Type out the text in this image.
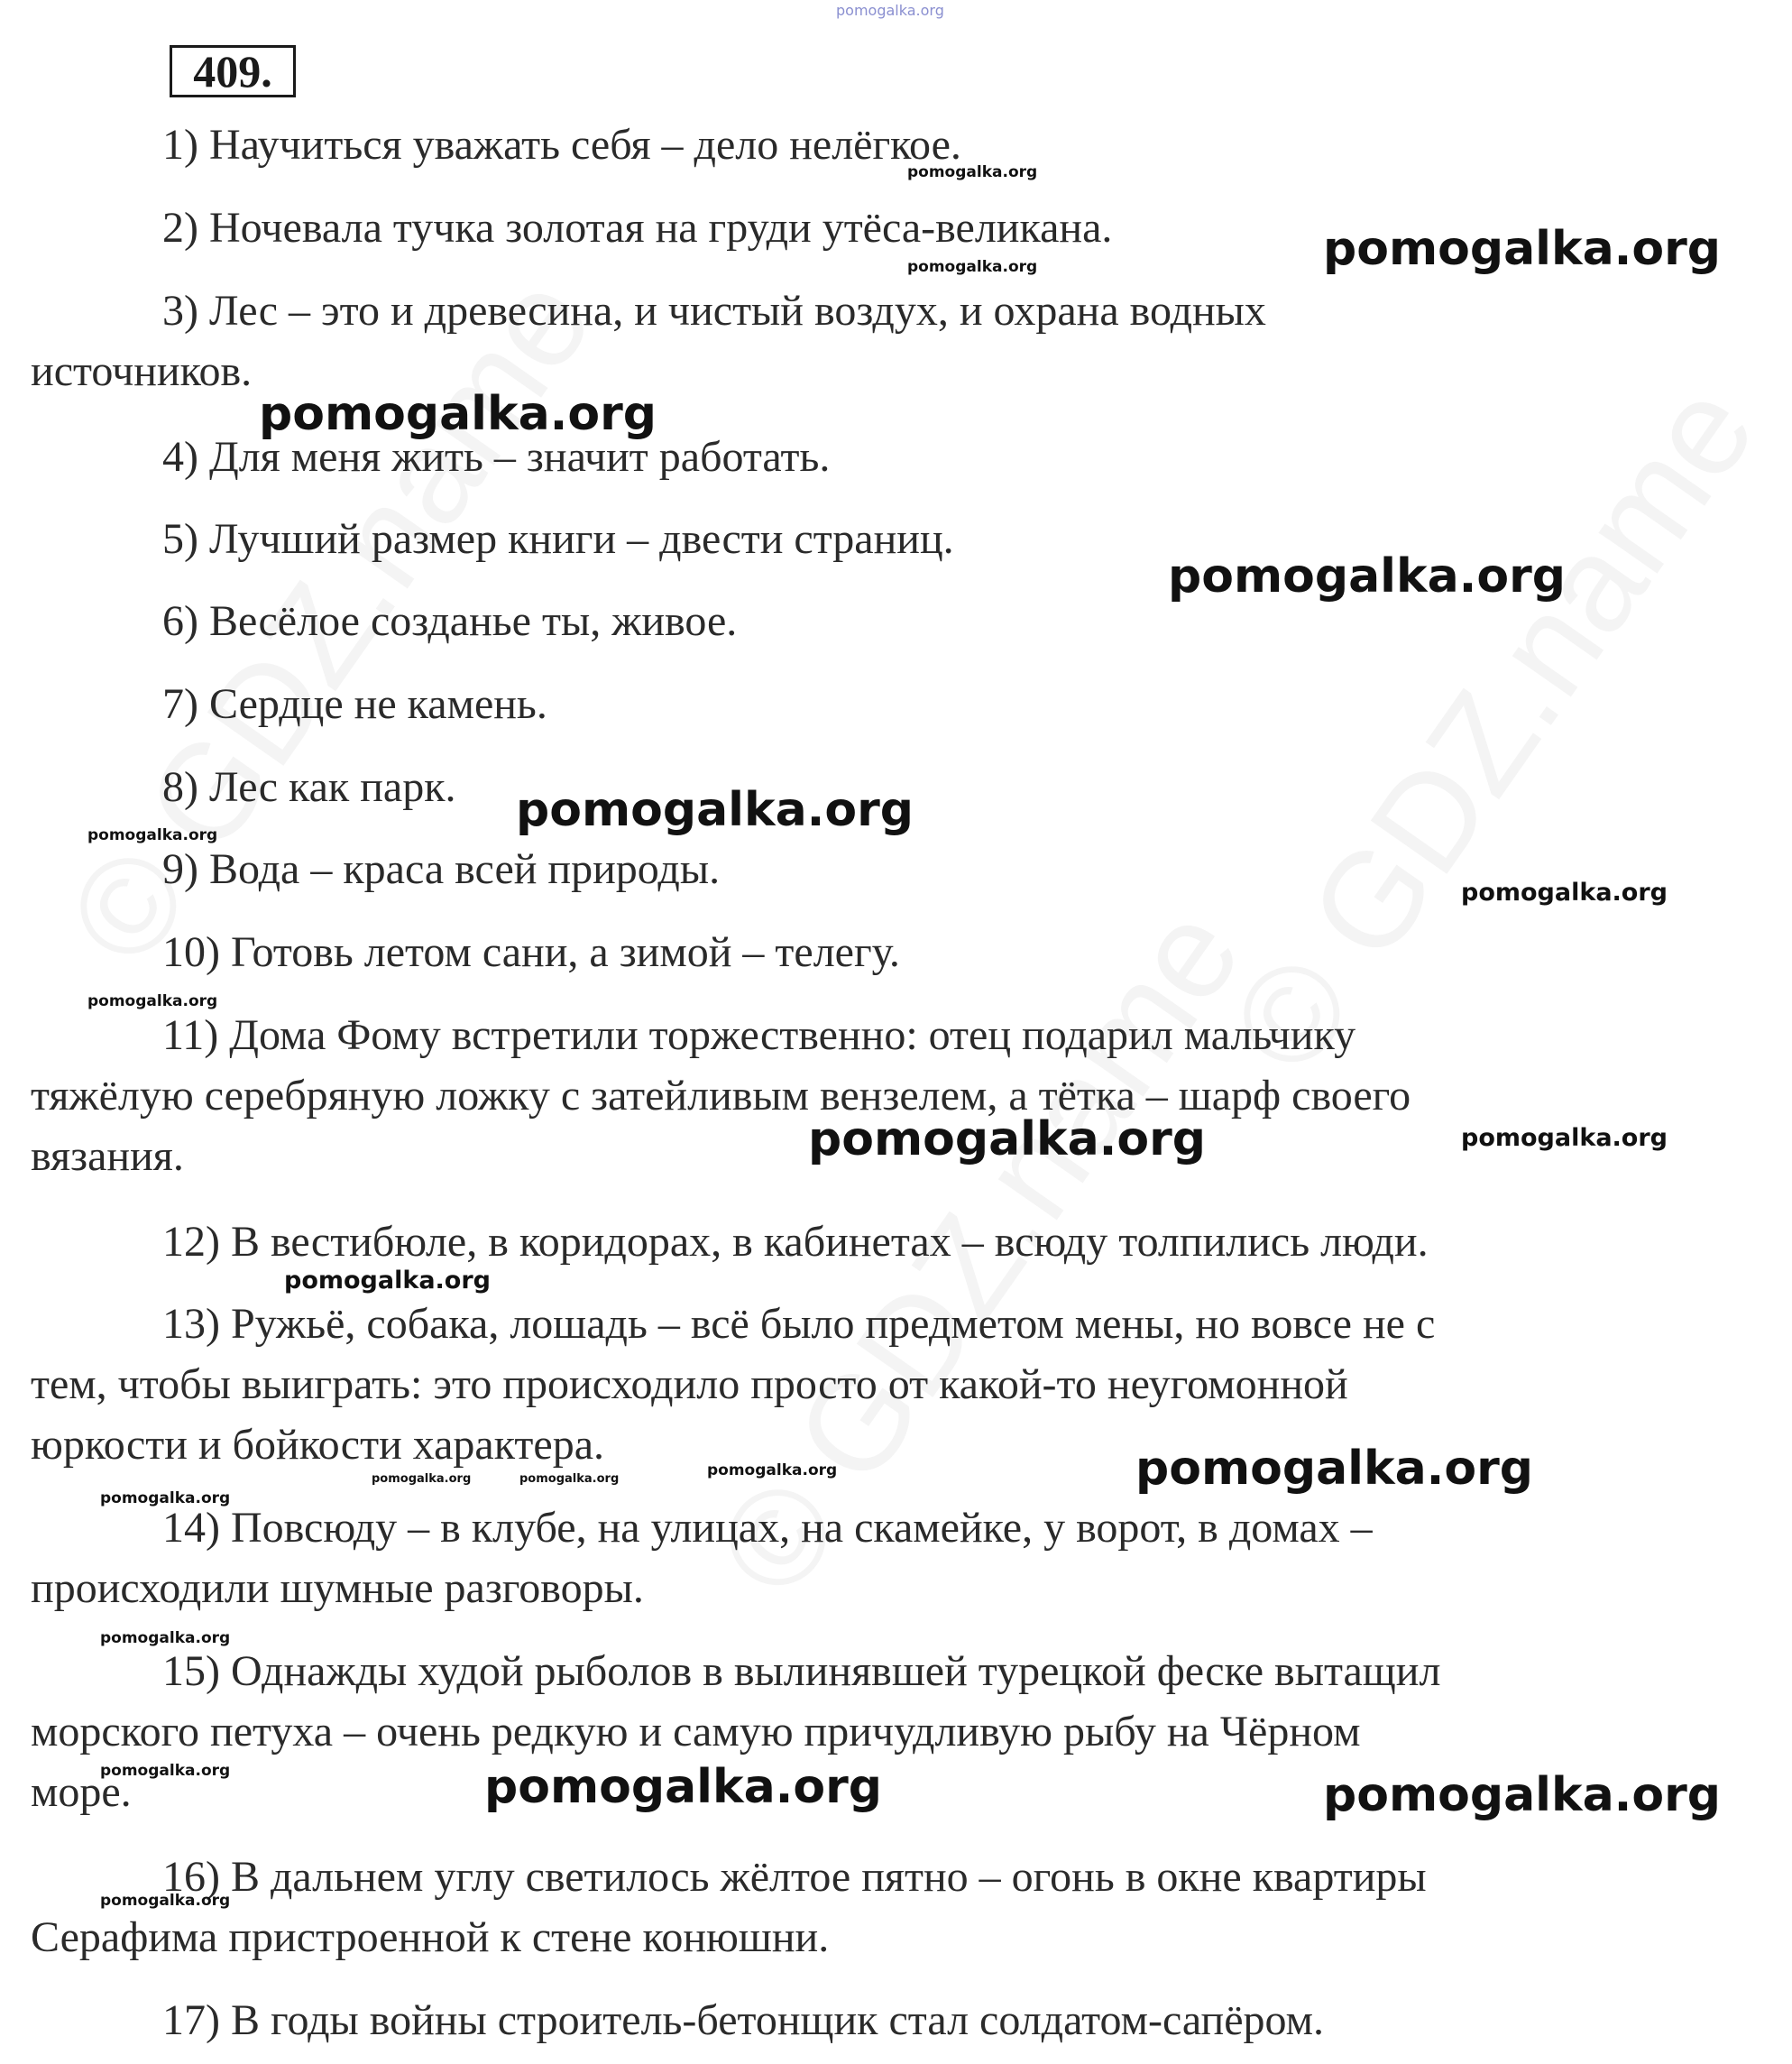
pomogalka.org
409.
1) Научиться уважать себя – дело нелёгкое.
2) Ночевала тучка золотая на груди утёса-великана.
3) Лес – это и древесина, и чистый воздух, и охрана водных
источников.
4) Для меня жить – значит работать.
5) Лучший размер книги – двести страниц.
6) Весёлое созданье ты, живое.
7) Сердце не камень.
8) Лес как парк.
9) Вода – краса всей природы.
10) Готовь летом сани, а зимой – телегу.
11) Дома Фому встретили торжественно: отец подарил мальчику
тяжёлую серебряную ложку с затейливым вензелем, а тётка – шарф своего
вязания.
12) В вестибюле, в коридорах, в кабинетах – всюду толпились люди.
13) Ружьё, собака, лошадь – всё было предметом мены, но вовсе не с
тем, чтобы выиграть: это происходило просто от какой-то неугомонной
юркости и бойкости характера.
14) Повсюду – в клубе, на улицах, на скамейке, у ворот, в домах –
происходили шумные разговоры.
15) Однажды худой рыболов в вылинявшей турецкой феске вытащил
морского петуха – очень редкую и самую причудливую рыбу на Чёрном
море.
16) В дальнем углу светилось жёлтое пятно – огонь в окне квартиры
Серафима пристроенной к стене конюшни.
17) В годы войны строитель-бетонщик стал солдатом-сапёром.
pomogalka.org
pomogalka.org
pomogalka.org
pomogalka.org
pomogalka.org
pomogalka.org
pomogalka.org	pomogalka.org
pomogalka.org
pomogalka.org
pomogalka.org
pomogalka.org
pomogalka.org
pomogalka.org
pomogalka.org
pomogalka.org
pomogalka.org
pomogalka.org
pomogalka.org
pomogalka.org
pomogalka.org	pomogalka.org
